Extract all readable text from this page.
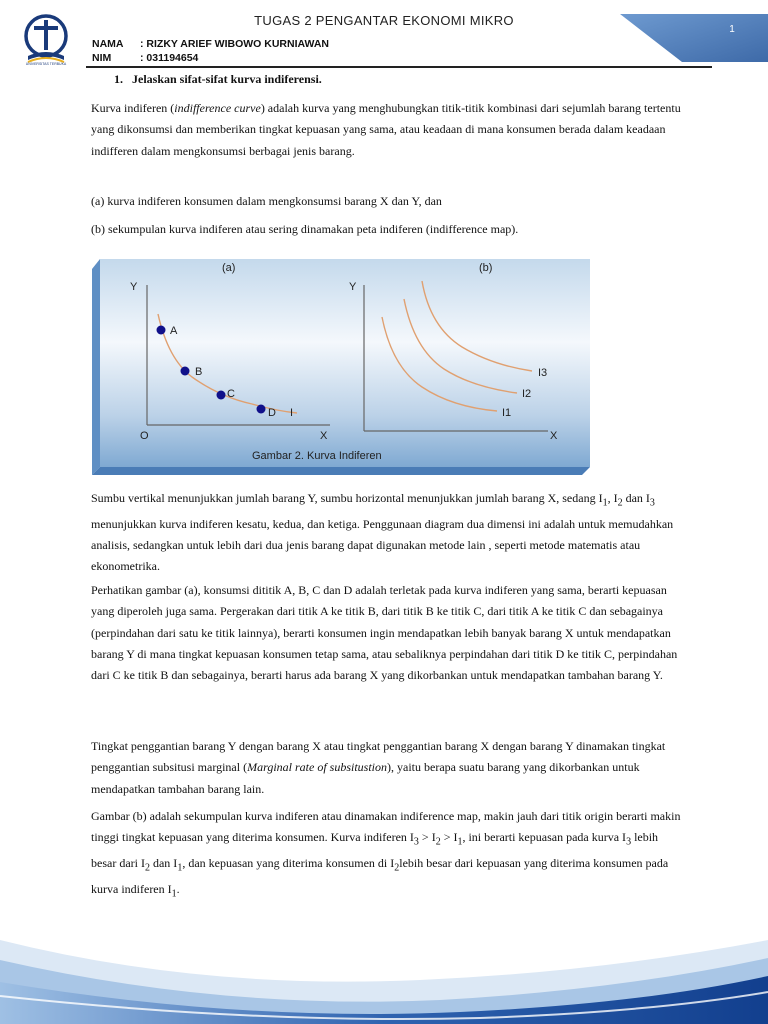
UNIVERSITAS TERBUKA
TUGAS 2 PENGANTAR EKONOMI MIKRO
NAMA : RIZKY ARIEF WIBOWO KURNIAWAN
NIM	: 031194654
1
1. Jelaskan sifat-sifat kurva indiferensi.

Kurva indiferen (indifference curve) adalah kurva yang menghubungkan titik-titik kombinasi dari sejumlah barang tertentu yang dikonsumsi dan memberikan tingkat kepuasan yang sama, atau keadaan di mana konsumen berada dalam keadaan indifferen dalam mengkonsumsi berbagai jenis barang.

(a) kurva indiferen konsumen dalam mengkonsumsi barang X dan Y, dan

(b) sekumpulan kurva indiferen atau sering dinamakan peta indiferen (indifference map).

(a)
Y
O	X
A
B
C
D I
(b)
Y
X
I3
I2
I1
Gambar 2. Kurva Indiferen

Sumbu vertikal menunjukkan jumlah barang Y, sumbu horizontal menunjukkan jumlah barang X, sedang $I_1$, $I_2$ dan $I_3$ menunjukkan kurva indiferen kesatu, kedua, dan ketiga. Penggunaan diagram dua dimensi ini adalah untuk memudahkan analisis, sedangkan untuk lebih dari dua jenis barang dapat digunakan metode lain , seperti metode matematis atau ekonometrika.

Perhatikan gambar (a), konsumsi dititik A, B, C dan D adalah terletak pada kurva indiferen yang sama, berarti kepuasan yang diperoleh juga sama. Pergerakan dari titik A ke titik B, dari titik B ke titik C, dari titik A ke titik C dan sebagainya (perpindahan dari satu ke titik lainnya), berarti konsumen ingin mendapatkan lebih banyak barang X untuk mendapatkan barang Y di mana tingkat kepuasan konsumen tetap sama, atau sebaliknya perpindahan dari titik D ke titik C, perpindahan dari C ke titik B dan sebagainya, berarti harus ada barang X yang dikorbankan untuk mendapatkan tambahan barang Y.

Tingkat penggantian barang Y dengan barang X atau tingkat penggantian barang X dengan barang Y dinamakan tingkat penggantian subsitusi marginal (Marginal rate of subsitustion), yaitu berapa suatu barang yang dikorbankan untuk mendapatkan tambahan barang lain.

Gambar (b) adalah sekumpulan kurva indiferen atau dinamakan indiference map, makin jauh dari titik origin berarti makin tinggi tingkat kepuasan yang diterima konsumen. Kurva indiferen $I_3 > I_2 > I_1$, ini berarti kepuasan pada kurva $I_3$ lebih besar dari $I_2$ dan $I_1$, dan kepuasan yang diterima konsumen di $I_2lebih$ besar dari kepuasan yang diterima konsumen pada kurva indiferen $I_1$.
